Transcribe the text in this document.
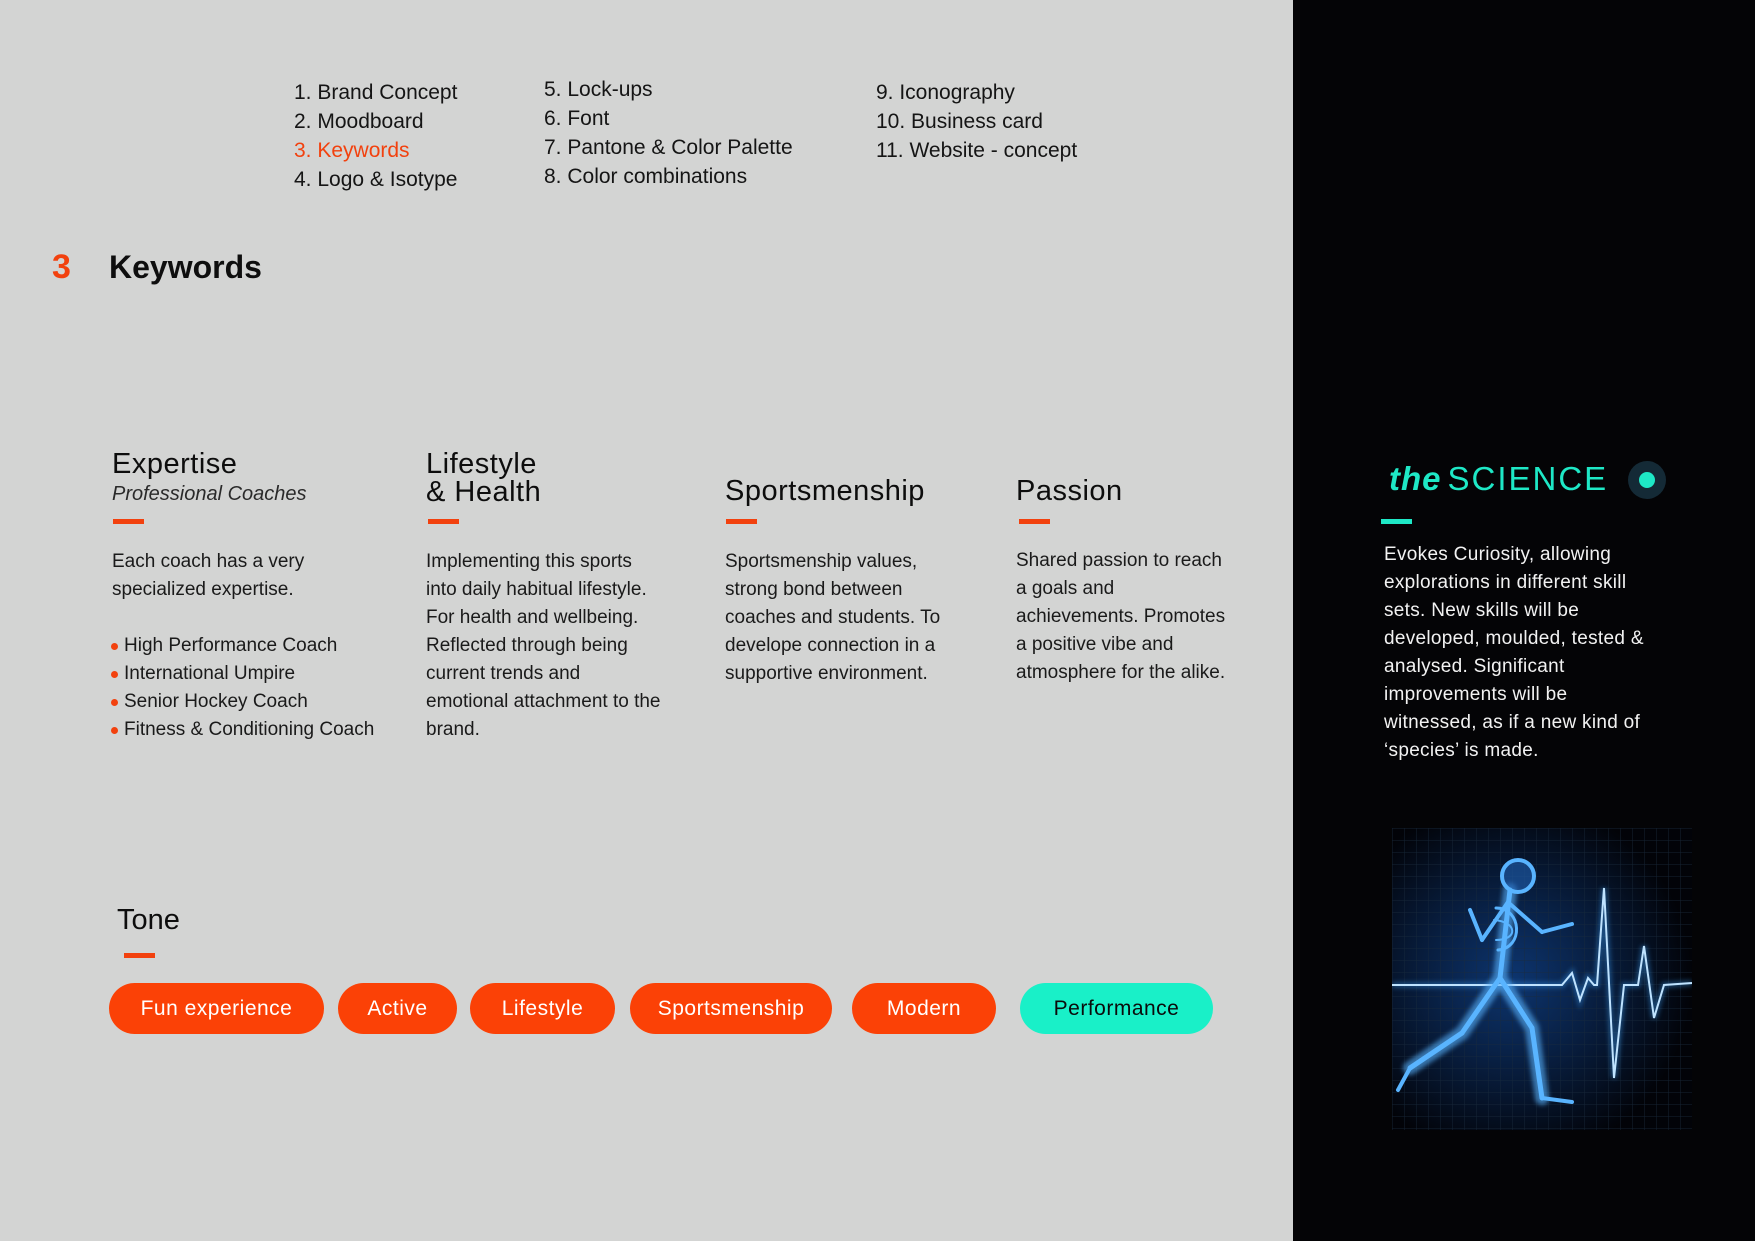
1. Brand Concept
2. Moodboard
3. Keywords
4. Logo & Isotype
5. Lock-ups
6. Font
7. Pantone & Color Palette
8. Color combinations
9. Iconography
10. Business card
11. Website - concept
3 Keywords
Expertise
Professional Coaches
Each coach has a very specialized expertise.
High Performance Coach
International Umpire
Senior Hockey Coach
Fitness & Conditioning Coach
Lifestyle
& Health
Implementing this sports into daily habitual lifestyle. For health and wellbeing. Reflected through being current trends and emotional attachment to the brand.
Sportsmenship
Sportsmenship values, strong bond between coaches and students. To develope connection in a supportive environment.
Passion
Shared passion to reach a goals and achievements. Promotes a positive vibe and atmosphere for the alike.
Tone
Fun experience	Active	Lifestyle	Sportsmenship	Modern	Performance
the SCIENCE
Evokes Curiosity, allowing explorations in different skill sets. New skills will be developed, moulded, tested & analysed. Significant improvements will be witnessed, as if a new kind of ‘species’ is made.
